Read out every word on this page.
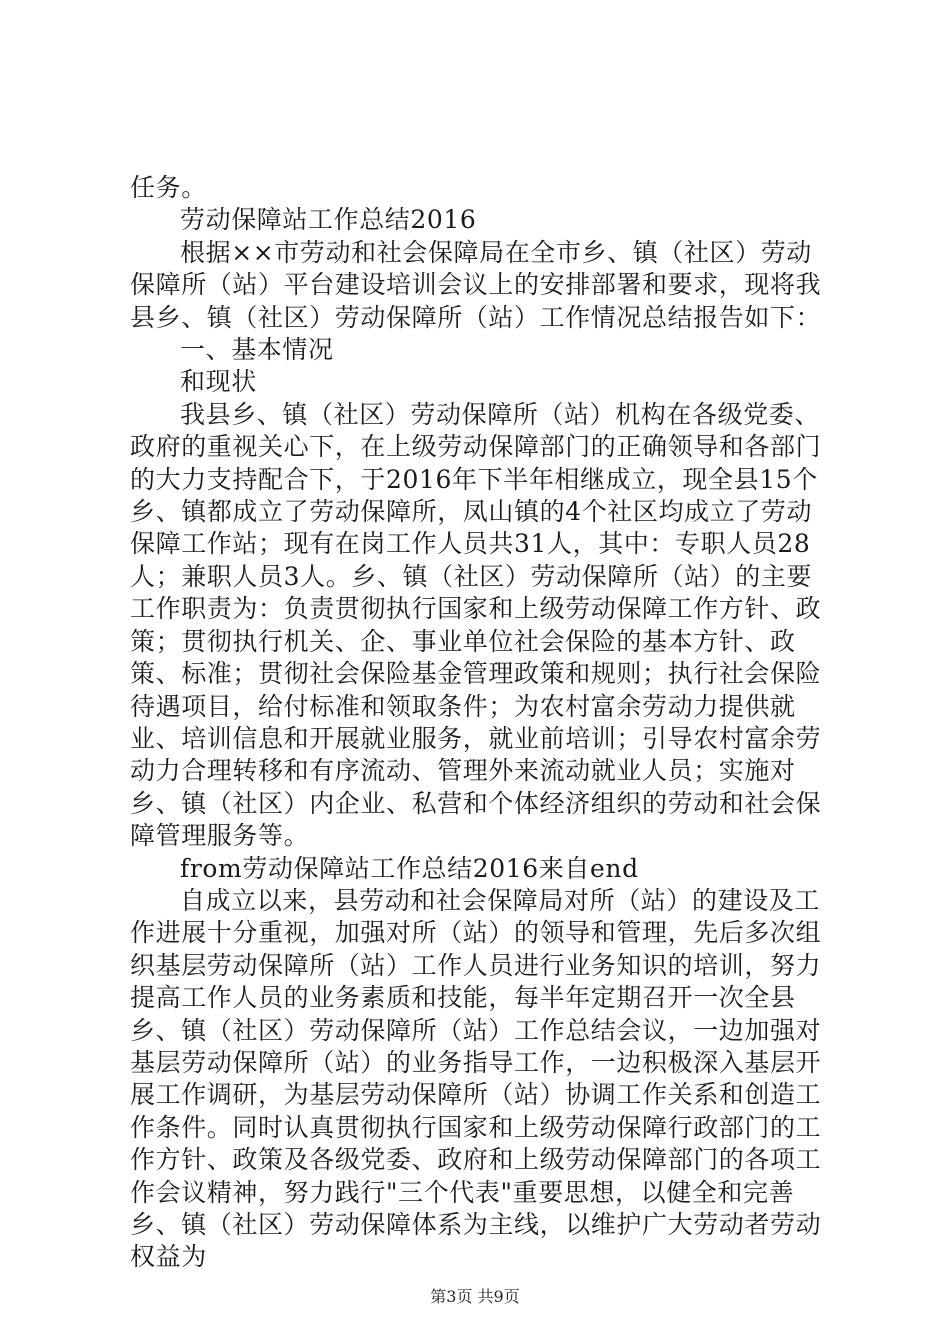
任务。

劳动保障站工作总结2016

根据××市劳动和社会保障局在全市乡、镇（社区）劳动保障所（站）平台建设培训会议上的安排部署和要求，现将我县乡、镇（社区）劳动保障所（站）工作情况总结报告如下：

一、基本情况

和现状

我县乡、镇（社区）劳动保障所（站）机构在各级党委、政府的重视关心下，在上级劳动保障部门的正确领导和各部门的大力支持配合下，于2016年下半年相继成立，现全县15个乡、镇都成立了劳动保障所，凤山镇的4个社区均成立了劳动保障工作站；现有在岗工作人员共31人，其中：专职人员28人；兼职人员3人。乡、镇（社区）劳动保障所（站）的主要工作职责为：负责贯彻执行国家和上级劳动保障工作方针、政策；贯彻执行机关、企、事业单位社会保险的基本方针、政策、标准；贯彻社会保险基金管理政策和规则；执行社会保险待遇项目，给付标准和领取条件；为农村富余劳动力提供就业、培训信息和开展就业服务，就业前培训；引导农村富余劳动力合理转移和有序流动、管理外来流动就业人员；实施对乡、镇（社区）内企业、私营和个体经济组织的劳动和社会保障管理服务等。

from劳动保障站工作总结2016来自end

自成立以来，县劳动和社会保障局对所（站）的建设及工作进展十分重视，加强对所（站）的领导和管理，先后多次组织基层劳动保障所（站）工作人员进行业务知识的培训，努力提高工作人员的业务素质和技能，每半年定期召开一次全县乡、镇（社区）劳动保障所（站）工作总结会议，一边加强对基层劳动保障所（站）的业务指导工作，一边积极深入基层开展工作调研，为基层劳动保障所（站）协调工作关系和创造工作条件。同时认真贯彻执行国家和上级劳动保障行政部门的工作方针、政策及各级党委、政府和上级劳动保障部门的各项工作会议精神，努力践行"三个代表"重要思想，以健全和完善乡、镇（社区）劳动保障体系为主线，以维护广大劳动者劳动权益为

第3页 共9页
